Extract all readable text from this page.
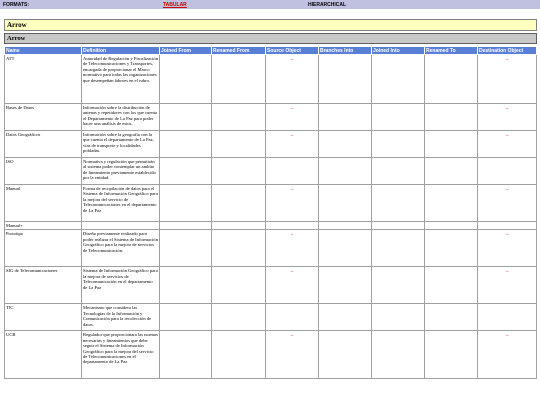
FORMATS:	TABULAR	HIERARCHICAL
Arrow
Arrow
Name	Definition	Joined From	Renamed From	Source Object	Branches Into	Joined Into	Renamed To	Destination Object
ATT	Autoridad de Regulación y Fiscalización de Telecomunicaciones y Transportes, encargada de proporcionar el Marco normativo para todas las organizaciones que desempeñan labores en el rubro.			→				→
Bases de Datos	Información sobre la distribución de antenas y repetidores con los que cuenta el Departamento de La Paz para poder hacer una análisis de estos.			→				→
Datos Geográficos	Información sobre la geografía con la que cuenta el departamento de La Paz, vías de transporte y localidades pobladas.			→				→
ISO	Normativa y regulación que permitirán al sistema poder contemplar un ambito de lineamiento previamente establecido por la entidad.							
Manual	Forma de recopilación de datos para el Sistema de Información Geográfico para la mejora del servicio de Telecomunicaciones en el departamento de La Paz			→				→
Manual+								
Prototipo	Diseño previamente realizado para poder realizar el Sistema de Información Geográfico para la mejora de servicios de Telecomunicación.			→				→
SIG de Telecomunicaciones	Sistema de Información Geográfico para la mejora de servicios de Telecomunicación en el departamento de La Paz			→				→
TIC	Mecanismo que considera las Tecnologías de la Información y Comunicación para la recolección de datos.							
UCB	Regulador que proporcionara las normas necesarias y lineamientos que debe seguir el Sistema de Información Geográfico para la mejora del servicio de Telecomunicaciones en el departamento de La Paz			→				→
